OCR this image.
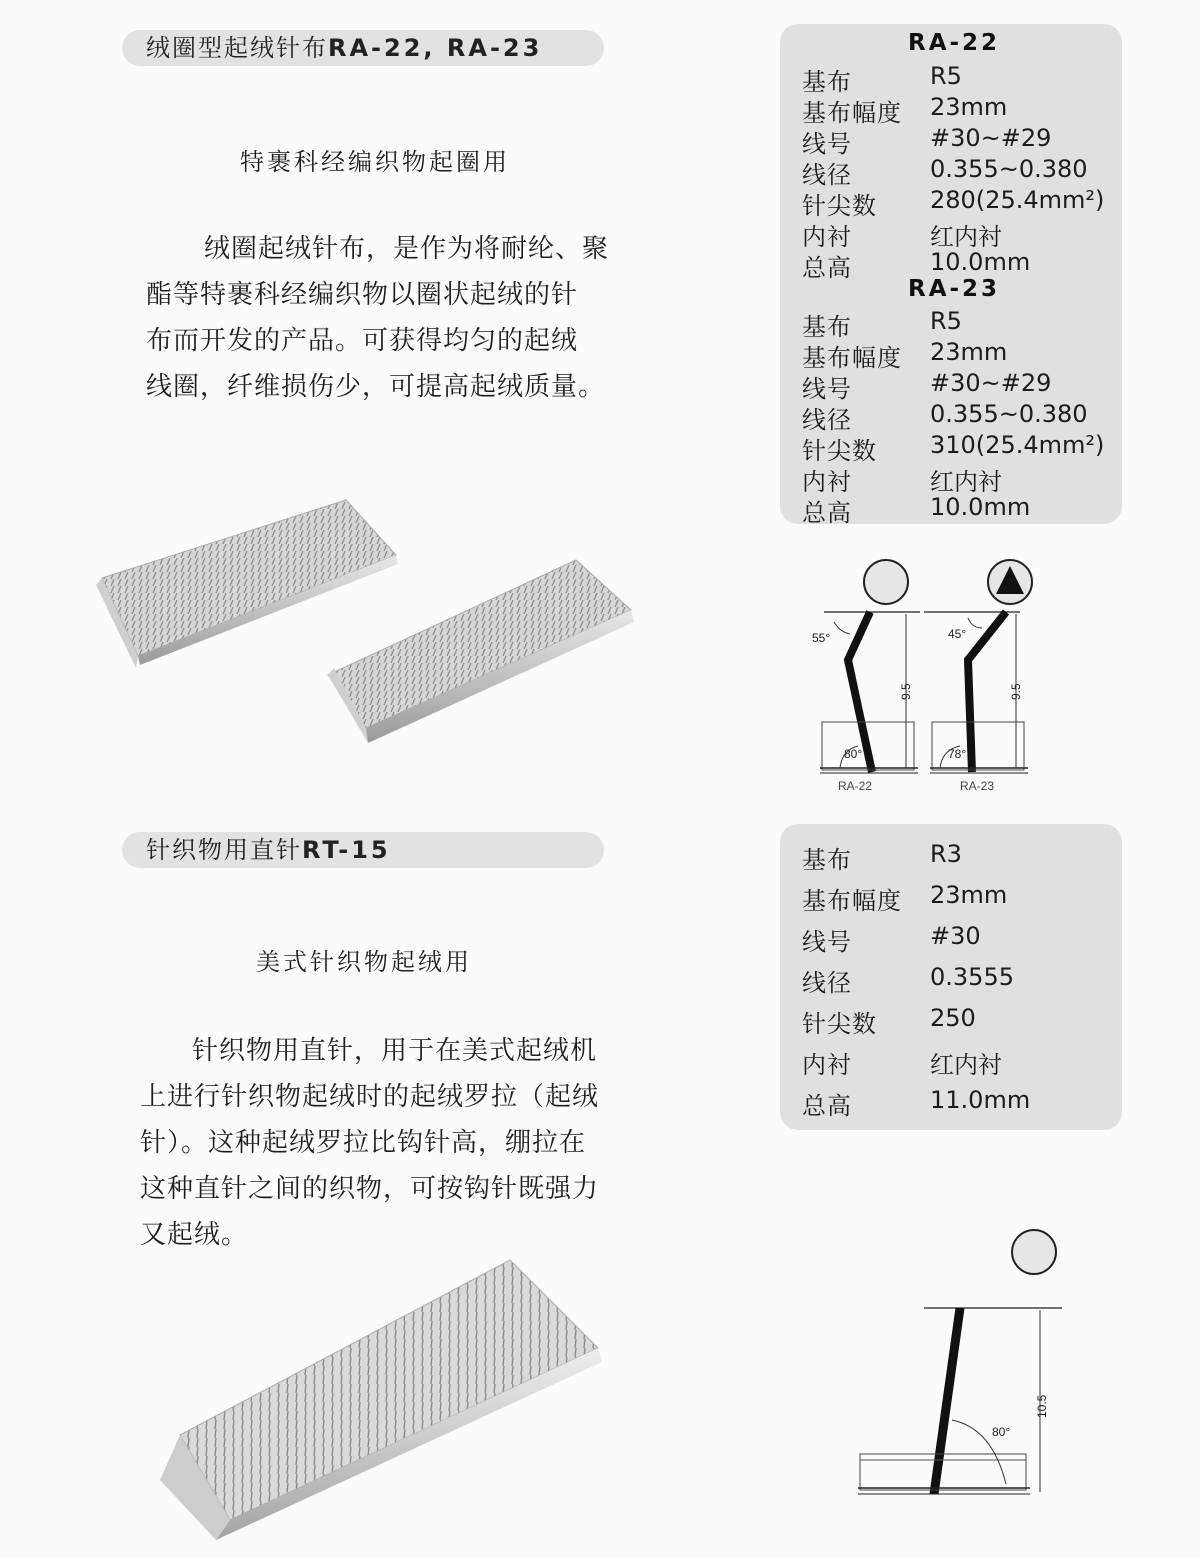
绒圈型起绒针布RA-22, RA-23
特裹科经编织物起圈用

绒圈起绒针布，是作为将耐纶、聚
酯等特裹科经编织物以圈状起绒的针
布而开发的产品。可获得均匀的起绒
线圈，纤维损伤少，可提高起绒质量。

RA-22
基布	R5
基布幅度 23mm
线号	#30~#29
线径	0.355~0.380
针尖数 280(25.4mm²)
内衬	红内衬
总高	10.0mm
RA-23
基布	R5
基布幅度 23mm
线号	#30~#29
线径	0.355~0.380
针尖数 310(25.4mm²)
内衬	红内衬
总高	10.0mm
55°
80°
9.5
RA-22
45°
78°
9.5
RA-23
针织物用直针RT-15
美式针织物起绒用

针织物用直针，用于在美式起绒机
上进行针织物起绒时的起绒罗拉（起绒
针）。这种起绒罗拉比钩针高，绷拉在
这种直针之间的织物，可按钩针既强力
又起绒。

基布	R3
基布幅度 23mm
线号	#30
线径	0.3555
针尖数 250
内衬	红内衬
总高	11.0mm
80°
10.5
